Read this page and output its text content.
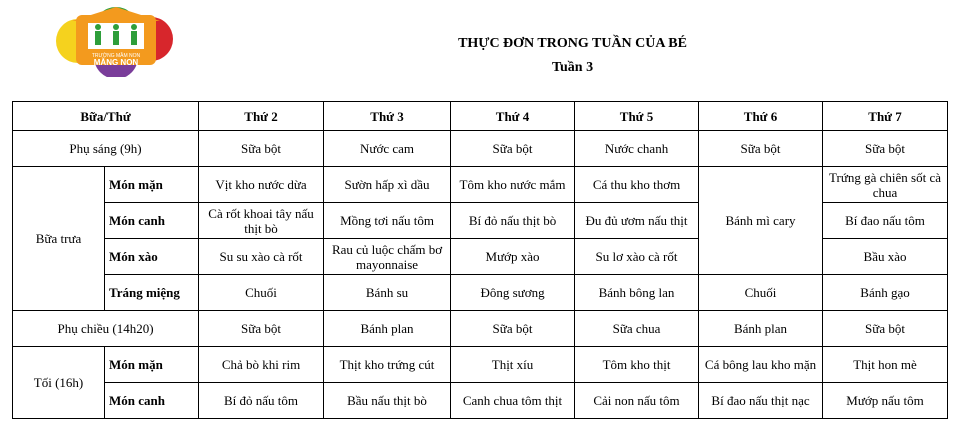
TRƯỜNG MẦM NON
MĂNG NON
THỰC ĐƠN TRONG TUẦN CỦA BÉ
Tuần 3
Bữa/Thứ		Thứ 2	Thứ 3	Thứ 4	Thứ 5	Thứ 6	Thứ 7
Phụ sáng (9h)		Sữa bột	Nước cam	Sữa bột	Nước chanh	Sữa bột	Sữa bột
Bữa trưa	Món mặn	Vịt kho nước dừa	Sườn hấp xì dầu	Tôm kho nước mắm	Cá thu kho thơm	Bánh mì cary	Trứng gà chiên sốt cà chua
	Món canh	Cà rốt khoai tây nấu thịt bò	Mồng tơi nấu tôm	Bí đỏ nấu thịt bò	Đu đủ ươm nấu thịt		Bí đao nấu tôm
	Món xào	Su su xào cà rốt	Rau củ luộc chấm bơ mayonnaise	Mướp xào	Su lơ xào cà rốt		Bầu xào
	Tráng miệng	Chuối	Bánh su	Đông sương	Bánh bông lan	Chuối	Bánh gạo
Phụ chiều (14h20)		Sữa bột	Bánh plan	Sữa bột	Sữa chua	Bánh plan	Sữa bột
Tối (16h)	Món mặn	Chả bò khi rim	Thịt kho trứng cút	Thịt xíu	Tôm kho thịt	Cá bông lau kho mặn	Thịt hon mè
	Món canh	Bí đỏ nấu tôm	Bầu nấu thịt bò	Canh chua tôm thịt	Cải non nấu tôm	Bí đao nấu thịt nạc	Mướp nấu tôm
